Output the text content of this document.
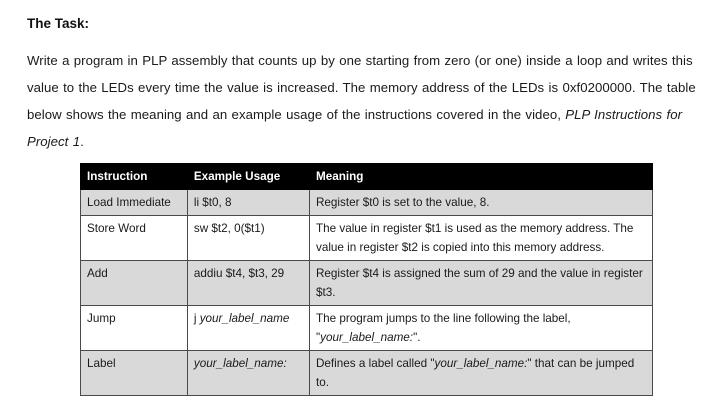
The Task:
Write a program in PLP assembly that counts up by one starting from zero (or one) inside a loop and writes this value to the LEDs every time the value is increased. The memory address of the LEDs is 0xf0200000. The table below shows the meaning and an example usage of the instructions covered in the video, PLP Instructions for Project 1.
Instruction	Example Usage	Meaning
Load Immediate	li $t0, 8	Register $t0 is set to the value, 8.
Store Word	sw $t2, 0($t1)	The value in register $t1 is used as the memory address. The value in register $t2 is copied into this memory address.
Add	addiu $t4, $t3, 29	Register $t4 is assigned the sum of 29 and the value in register $t3.
Jump	j your_label_name	The program jumps to the line following the label, "your_label_name:".
Label	your_label_name:	Defines a label called "your_label_name:" that can be jumped to.
